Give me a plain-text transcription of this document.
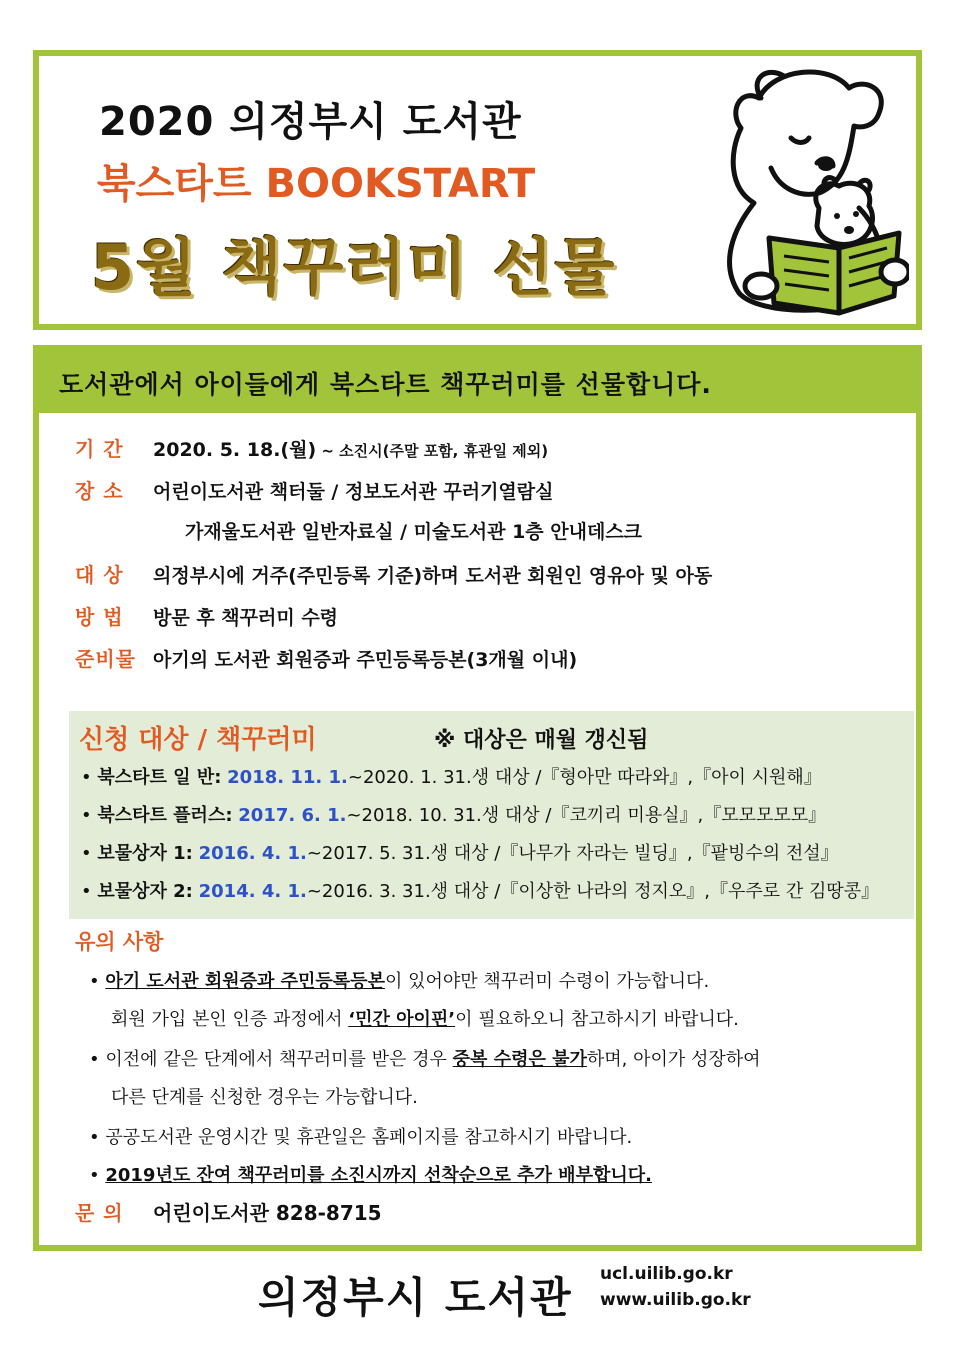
2020 의정부시 도서관
북스타트 BOOKSTART
5월 책꾸러미 선물
도서관에서 아이들에게 북스타트 책꾸러미를 선물합니다.
기 간 2020. 5. 18.(월) ~ 소진시(주말 포함, 휴관일 제외)
장 소 어린이도서관 책터둘 / 정보도서관 꾸러기열람실
가재울도서관 일반자료실 / 미술도서관 1층 안내데스크
대 상 의정부시에 거주(주민등록 기준)하며 도서관 회원인 영유아 및 아동
방 법 방문 후 책꾸러미 수령
준비물 아기의 도서관 회원증과 주민등록등본(3개월 이내)
신청 대상 / 책꾸러미	※ 대상은 매월 갱신됨
• 북스타트 일 반: 2018. 11. 1.~2020. 1. 31.생 대상 /『형아만 따라와』,『아이 시원해』
• 북스타트 플러스: 2017. 6. 1.~2018. 10. 31.생 대상 /『코끼리 미용실』,『모모모모모』
• 보물상자 1: 2016. 4. 1.~2017. 5. 31.생 대상 /『나무가 자라는 빌딩』,『팥빙수의 전설』
• 보물상자 2: 2014. 4. 1.~2016. 3. 31.생 대상 /『이상한 나라의 정지오』,『우주로 간 김땅콩』
유의 사항
• 아기 도서관 회원증과 주민등록등본이 있어야만 책꾸러미 수령이 가능합니다.
회원 가입 본인 인증 과정에서 ‘민간 아이핀’이 필요하오니 참고하시기 바랍니다.
• 이전에 같은 단계에서 책꾸러미를 받은 경우 중복 수령은 불가하며, 아이가 성장하여
다른 단계를 신청한 경우는 가능합니다.
• 공공도서관 운영시간 및 휴관일은 홈페이지를 참고하시기 바랍니다.
• 2019년도 잔여 책꾸러미를 소진시까지 선착순으로 추가 배부합니다.
문 의 어린이도서관 828-8715
의정부시 도서관 ucl.uilib.go.kr
www.uilib.go.kr
